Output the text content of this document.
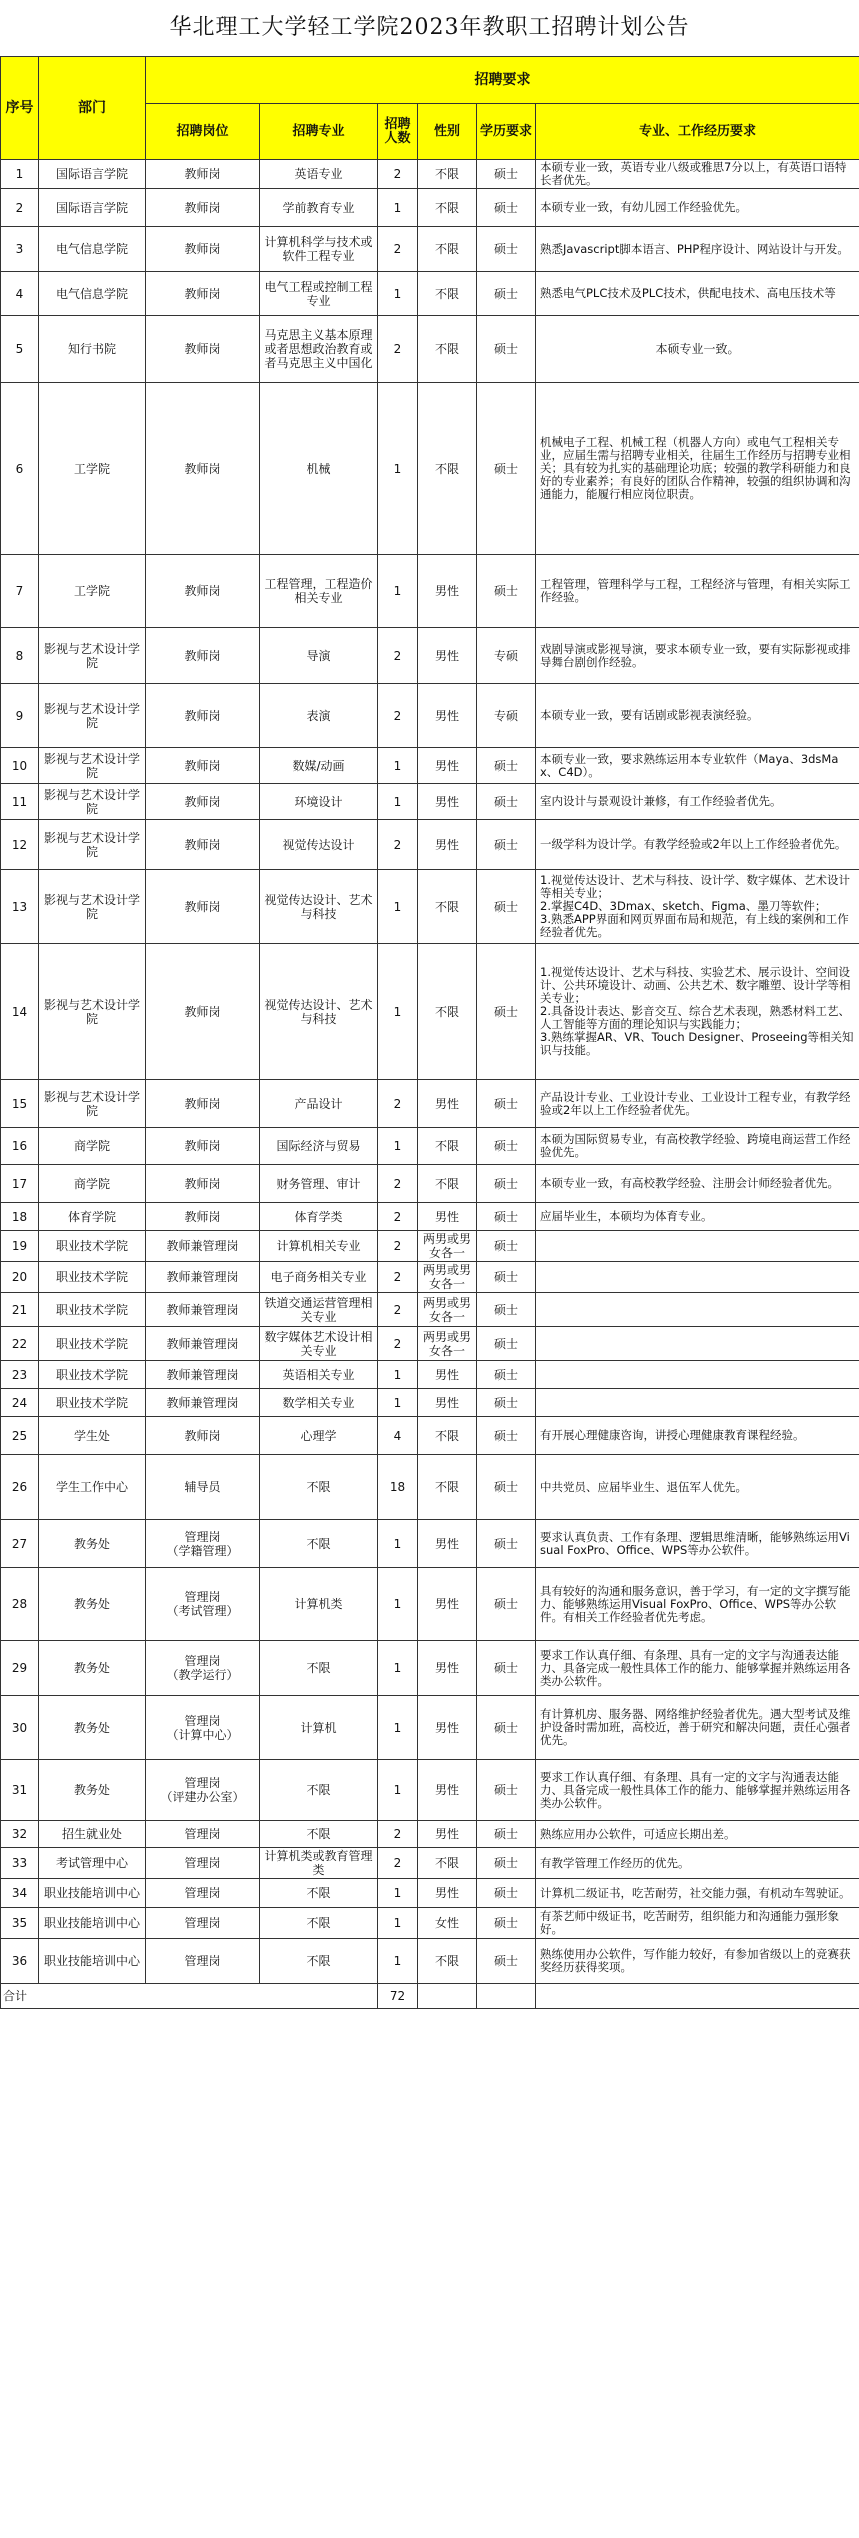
华北理工大学轻工学院2023年教职工招聘计划公告
序号	部门	招聘要求					
		招聘岗位	招聘专业	招聘人数	性别	学历要求	专业、工作经历要求
1	国际语言学院	教师岗	英语专业	2	不限	硕士	本硕专业一致，英语专业八级或雅思7分以上，有英语口语特长者优先。
2	国际语言学院	教师岗	学前教育专业	1	不限	硕士	本硕专业一致，有幼儿园工作经验优先。
3	电气信息学院	教师岗	计算机科学与技术或软件工程专业	2	不限	硕士	熟悉Javascript脚本语言、PHP程序设计、网站设计与开发。
4	电气信息学院	教师岗	电气工程或控制工程专业	1	不限	硕士	熟悉电气PLC技术及PLC技术，供配电技术、高电压技术等
5	知行书院	教师岗	马克思主义基本原理或者思想政治教育或者马克思主义中国化	2	不限	硕士	本硕专业一致。
6	工学院	教师岗	机械	1	不限	硕士	机械电子工程、机械工程（机器人方向）或电气工程相关专业，应届生需与招聘专业相关，往届生工作经历与招聘专业相关；具有较为扎实的基础理论功底；较强的教学科研能力和良好的专业素养；有良好的团队合作精神，较强的组织协调和沟通能力，能履行相应岗位职责。
7	工学院	教师岗	工程管理，工程造价相关专业	1	男性	硕士	工程管理，管理科学与工程，工程经济与管理，有相关实际工作经验。
8	影视与艺术设计学院	教师岗	导演	2	男性	专硕	戏剧导演或影视导演，要求本硕专业一致，要有实际影视或排导舞台剧创作经验。
9	影视与艺术设计学院	教师岗	表演	2	男性	专硕	本硕专业一致，要有话剧或影视表演经验。
10	影视与艺术设计学院	教师岗	数媒/动画	1	男性	硕士	本硕专业一致，要求熟练运用本专业软件（Maya、3dsMax、C4D）。
11	影视与艺术设计学院	教师岗	环境设计	1	男性	硕士	室内设计与景观设计兼修，有工作经验者优先。
12	影视与艺术设计学院	教师岗	视觉传达设计	2	男性	硕士	一级学科为设计学。有教学经验或2年以上工作经验者优先。
13	影视与艺术设计学院	教师岗	视觉传达设计、艺术与科技	1	不限	硕士	1.视觉传达设计、艺术与科技、设计学、数字媒体、艺术设计等相关专业；
2.掌握C4D、3Dmax、sketch、Figma、墨刀等软件；
3.熟悉APP界面和网页界面布局和规范，有上线的案例和工作经验者优先。
14	影视与艺术设计学院	教师岗	视觉传达设计、艺术与科技	1	不限	硕士	1.视觉传达设计、艺术与科技、实验艺术、展示设计、空间设计、公共环境设计、动画、公共艺术、数字雕塑、设计学等相关专业；
2.具备设计表达、影音交互、综合艺术表现，熟悉材料工艺、人工智能等方面的理论知识与实践能力；
3.熟练掌握AR、VR、Touch Designer、Proseeing等相关知识与技能。
15	影视与艺术设计学院	教师岗	产品设计	2	男性	硕士	产品设计专业、工业设计专业、工业设计工程专业，有教学经验或2年以上工作经验者优先。
16	商学院	教师岗	国际经济与贸易	1	不限	硕士	本硕为国际贸易专业，有高校教学经验、跨境电商运营工作经验优先。
17	商学院	教师岗	财务管理、审计	2	不限	硕士	本硕专业一致，有高校教学经验、注册会计师经验者优先。
18	体育学院	教师岗	体育学类	2	男性	硕士	应届毕业生，本硕均为体育专业。
19	职业技术学院	教师兼管理岗	计算机相关专业	2	两男或男女各一	硕士	
20	职业技术学院	教师兼管理岗	电子商务相关专业	2	两男或男女各一	硕士	
21	职业技术学院	教师兼管理岗	铁道交通运营管理相关专业	2	两男或男女各一	硕士	
22	职业技术学院	教师兼管理岗	数字媒体艺术设计相关专业	2	两男或男女各一	硕士	
23	职业技术学院	教师兼管理岗	英语相关专业	1	男性	硕士	
24	职业技术学院	教师兼管理岗	数学相关专业	1	男性	硕士	
25	学生处	教师岗	心理学	4	不限	硕士	有开展心理健康咨询，讲授心理健康教育课程经验。
26	学生工作中心	辅导员	不限	18	不限	硕士	中共党员、应届毕业生、退伍军人优先。
27	教务处	管理岗
（学籍管理）	不限	1	男性	硕士	要求认真负责、工作有条理、逻辑思维清晰，能够熟练运用Visual FoxPro、Office、WPS等办公软件。
28	教务处	管理岗
（考试管理）	计算机类	1	男性	硕士	具有较好的沟通和服务意识，善于学习，有一定的文字撰写能力、能够熟练运用Visual FoxPro、Office、WPS等办公软件。有相关工作经验者优先考虑。
29	教务处	管理岗
（教学运行）	不限	1	男性	硕士	要求工作认真仔细、有条理、具有一定的文字与沟通表达能力、具备完成一般性具体工作的能力、能够掌握并熟练运用各类办公软件。
30	教务处	管理岗
（计算中心）	计算机	1	男性	硕士	有计算机房、服务器、网络维护经验者优先。遇大型考试及维护设备时需加班，高校近，善于研究和解决问题，责任心强者优先。
31	教务处	管理岗
（评建办公室）	不限	1	男性	硕士	要求工作认真仔细、有条理、具有一定的文字与沟通表达能力、具备完成一般性具体工作的能力、能够掌握并熟练运用各类办公软件。
32	招生就业处	管理岗	不限	2	男性	硕士	熟练应用办公软件，可适应长期出差。
33	考试管理中心	管理岗	计算机类或教育管理类	2	不限	硕士	有教学管理工作经历的优先。
34	职业技能培训中心	管理岗	不限	1	男性	硕士	计算机二级证书，吃苦耐劳，社交能力强，有机动车驾驶证。
35	职业技能培训中心	管理岗	不限	1	女性	硕士	有茶艺师中级证书，吃苦耐劳，组织能力和沟通能力强形象好。
36	职业技能培训中心	管理岗	不限	1	不限	硕士	熟练使用办公软件，写作能力较好，有参加省级以上的竞赛获奖经历获得奖项。
合计				72			
